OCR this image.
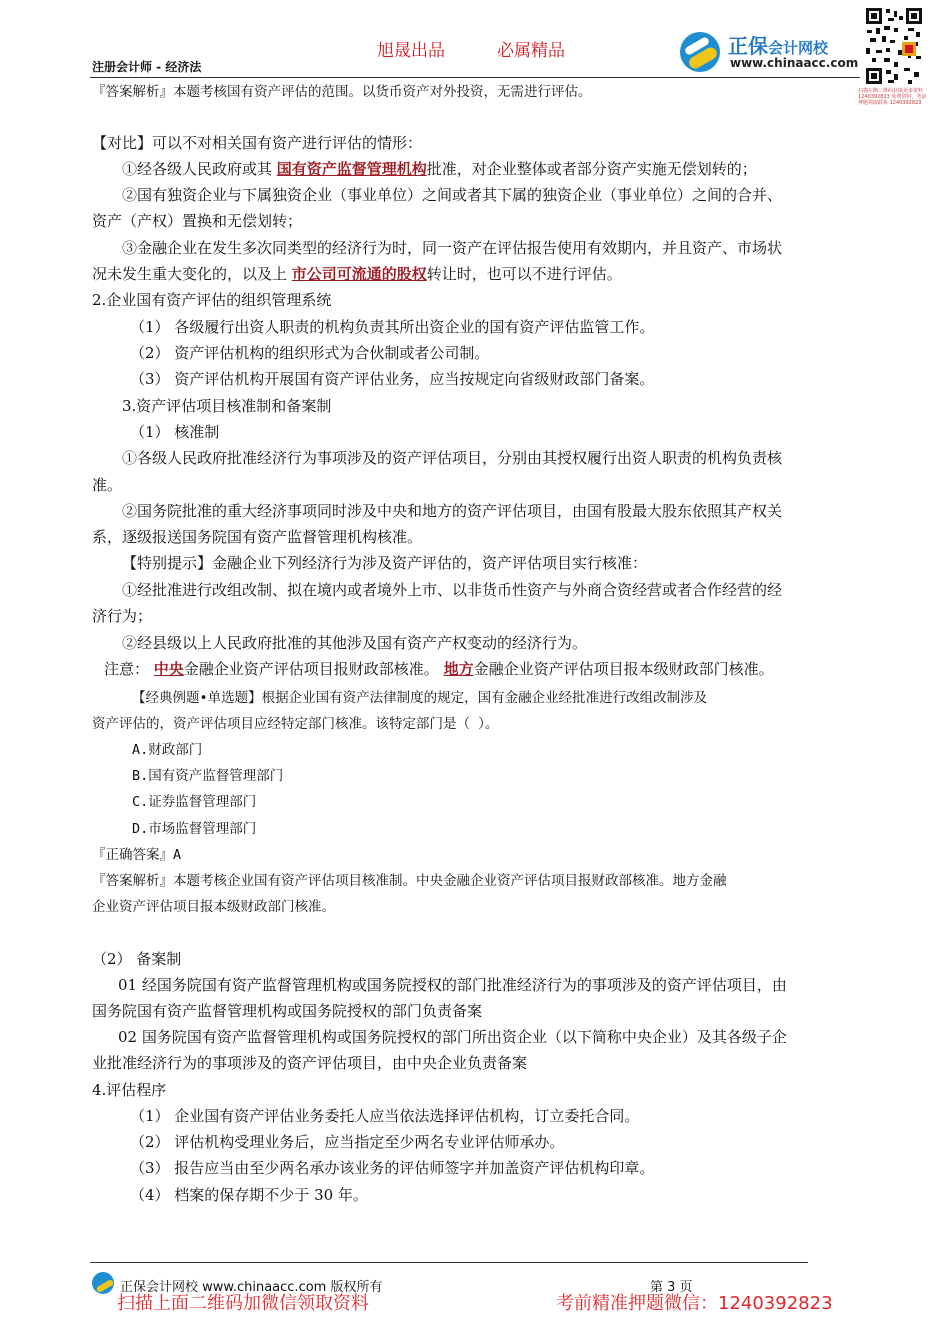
旭晟出品	必属精品
注册会计师 - 经济法
正保会计网校
www.chinaacc.com
扫描左侧二维码获取更多资料 1240392823 免费资料，考前押题领取联系 1240392823
『答案解析』本题考核国有资产评估的范围。以货币资产对外投资，无需进行评估。
【对比】可以不对相关国有资产进行评估的情形：
①经各级人民政府或其 国有资产监督管理机构批准，对企业整体或者部分资产实施无偿划转的；
②国有独资企业与下属独资企业（事业单位）之间或者其下属的独资企业（事业单位）之间的合并、
资产（产权）置换和无偿划转；
③金融企业在发生多次同类型的经济行为时，同一资产在评估报告使用有效期内，并且资产、市场状
况未发生重大变化的，以及上 市公司可流通的股权转让时，也可以不进行评估。
2.企业国有资产评估的组织管理系统
（1） 各级履行出资人职责的机构负责其所出资企业的国有资产评估监管工作。
（2） 资产评估机构的组织形式为合伙制或者公司制。
（3） 资产评估机构开展国有资产评估业务，应当按规定向省级财政部门备案。
3.资产评估项目核准制和备案制
（1） 核准制
①各级人民政府批准经济行为事项涉及的资产评估项目，分别由其授权履行出资人职责的机构负责核
准。
②国务院批准的重大经济事项同时涉及中央和地方的资产评估项目，由国有股最大股东依照其产权关
系，逐级报送国务院国有资产监督管理机构核准。
【特别提示】金融企业下列经济行为涉及资产评估的，资产评估项目实行核准：
①经批准进行改组改制、拟在境内或者境外上市、以非货币性资产与外商合资经营或者合作经营的经
济行为；
②经县级以上人民政府批准的其他涉及国有资产产权变动的经济行为。
注意： 中央金融企业资产评估项目报财政部核准。 地方金融企业资产评估项目报本级财政部门核准。
【经典例题•单选题】根据企业国有资产法律制度的规定，国有金融企业经批准进行改组改制涉及
资产评估的，资产评估项目应经特定部门核准。该特定部门是（ ）。
A.财政部门
B.国有资产监督管理部门
C.证券监督管理部门
D.市场监督管理部门
『正确答案』A
『答案解析』本题考核企业国有资产评估项目核准制。中央金融企业资产评估项目报财政部核准。地方金融
企业资产评估项目报本级财政部门核准。
（2） 备案制
01 经国务院国有资产监督管理机构或国务院授权的部门批准经济行为的事项涉及的资产评估项目，由
国务院国有资产监督管理机构或国务院授权的部门负责备案
02 国务院国有资产监督管理机构或国务院授权的部门所出资企业（以下简称中央企业）及其各级子企
业批准经济行为的事项涉及的资产评估项目，由中央企业负责备案
4.评估程序
（1） 企业国有资产评估业务委托人应当依法选择评估机构，订立委托合同。
（2） 评估机构受理业务后，应当指定至少两名专业评估师承办。
（3） 报告应当由至少两名承办该业务的评估师签字并加盖资产评估机构印章。
（4） 档案的保存期不少于 30 年。
正保会计网校 www.chinaacc.com 版权所有	第 3 页
扫描上面二维码加微信领取资料	考前精准押题微信：1240392823
